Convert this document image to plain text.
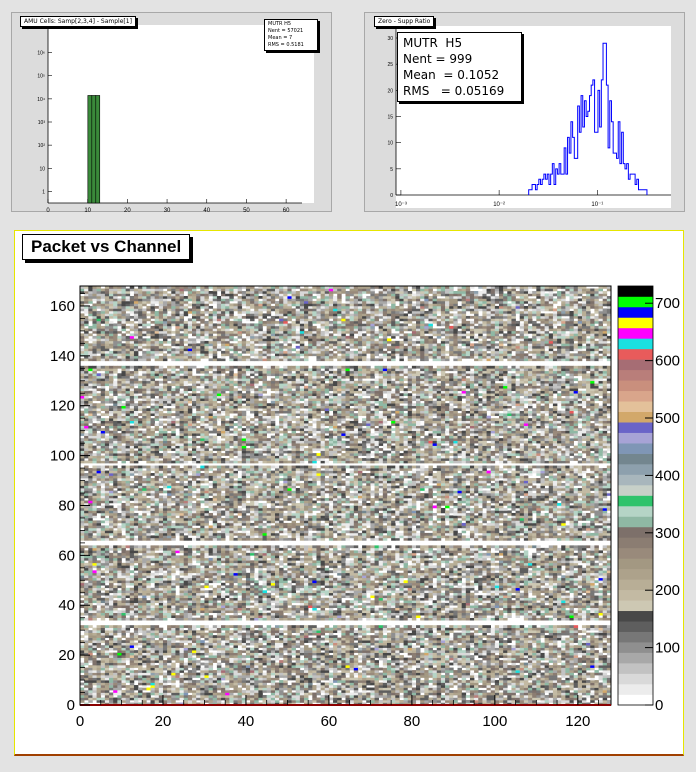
0	10	20	30	40	50	60
1
10
10²
10³
10⁴
10⁵
10⁶
AMU Cells: Samp[2,3,4] - Sample[1]	MUTR H5
Nent = 57021
Mean = 7
RMS = 0.5181
10⁻³	10⁻²	10⁻¹
0
5
10
15
20
25
30
Zero - Supp Ratio
MUTR  H5
Nent = 999
Mean  = 0.1052
RMS   = 0.05169
0	20	40	60	80	100	120
0
20
40
60
80
100
120
140
160
0
100
200
300
400
500
600
700
Packet vs Channel
